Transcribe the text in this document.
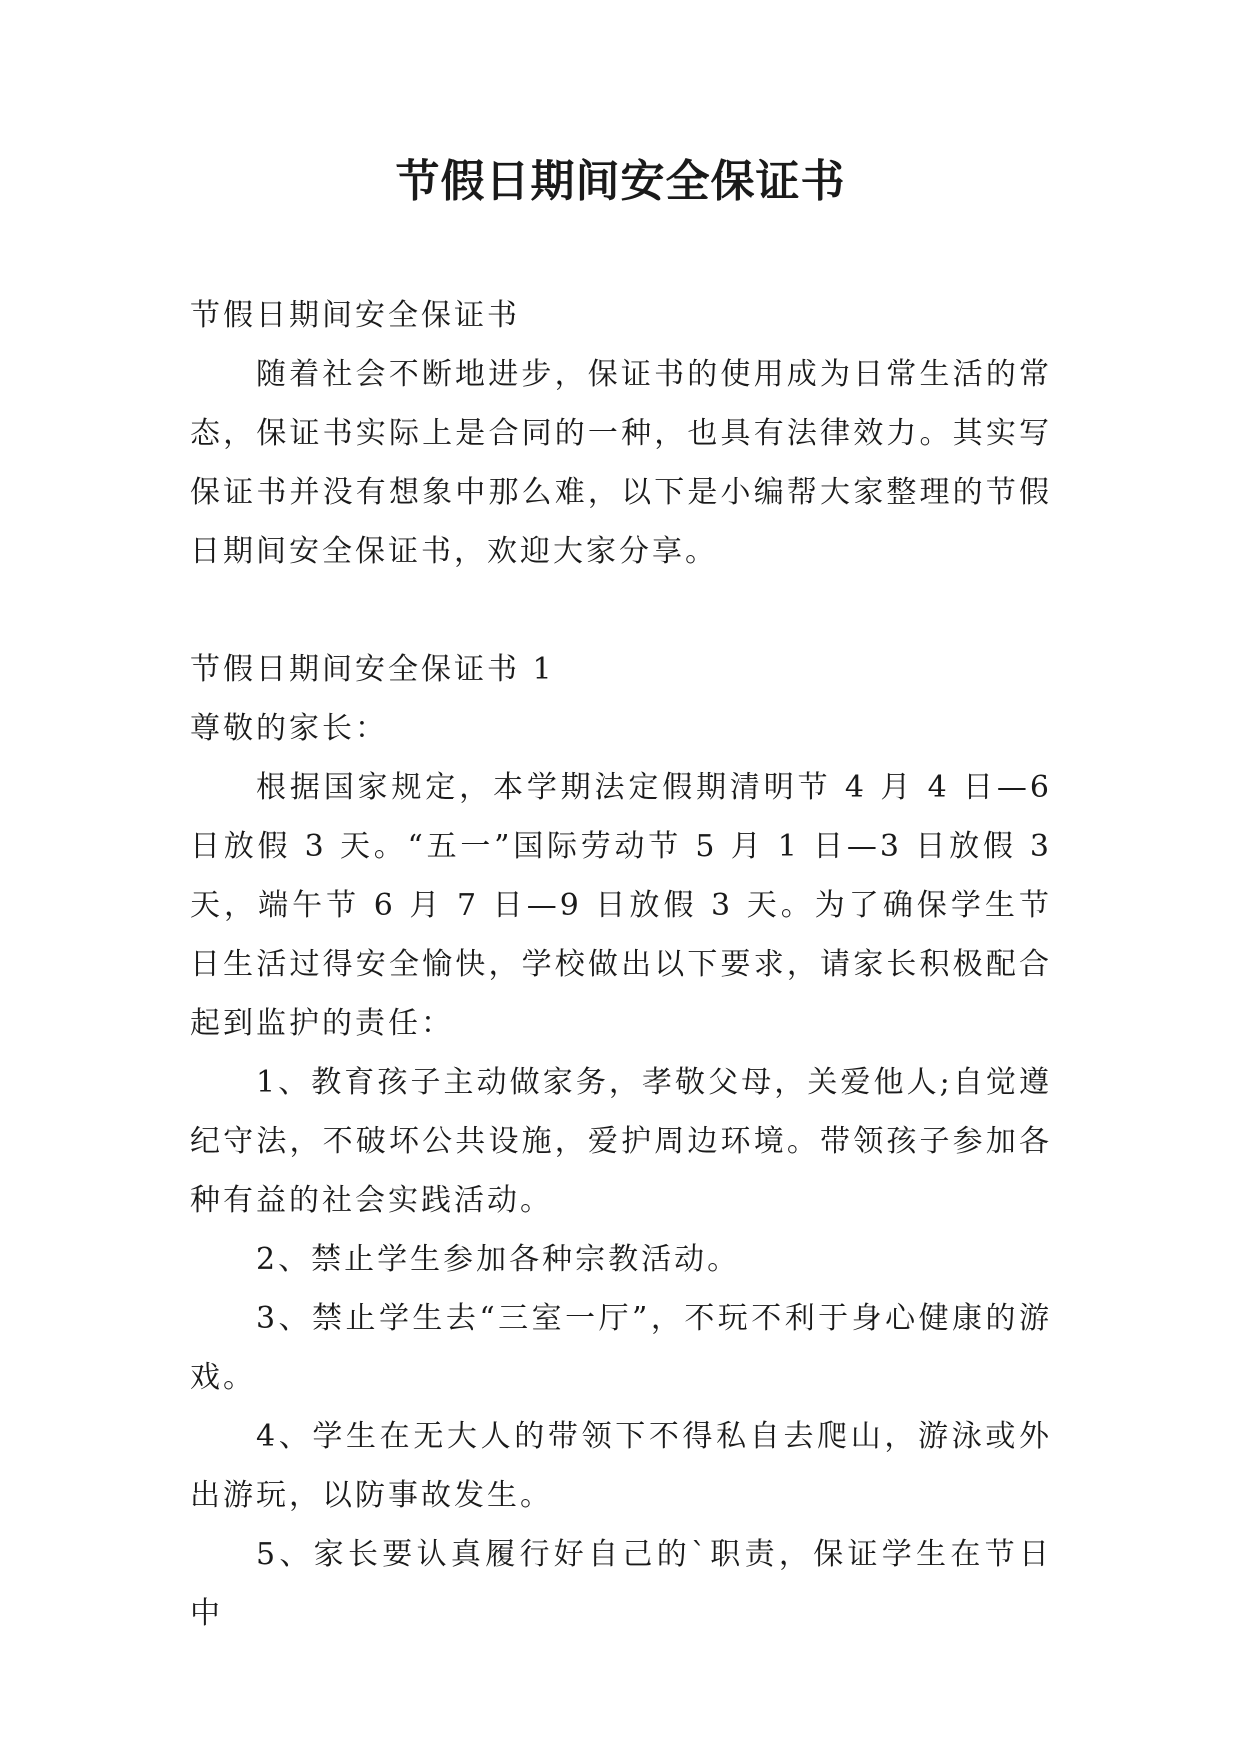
节假日期间安全保证书

节假日期间安全保证书

随着社会不断地进步，保证书的使用成为日常生活的常态，保证书实际上是合同的一种，也具有法律效力。其实写保证书并没有想象中那么难，以下是小编帮大家整理的节假日期间安全保证书，欢迎大家分享。

节假日期间安全保证书 1

尊敬的家长：

根据国家规定，本学期法定假期清明节 4 月 4 日—6 日放假 3 天。“五一”国际劳动节 5 月 1 日—3 日放假 3 天，端午节 6 月 7 日—9 日放假 3 天。为了确保学生节日生活过得安全愉快，学校做出以下要求，请家长积极配合起到监护的责任：

1、教育孩子主动做家务，孝敬父母，关爱他人;自觉遵纪守法，不破坏公共设施，爱护周边环境。带领孩子参加各种有益的社会实践活动。

2、禁止学生参加各种宗教活动。

3、禁止学生去“三室一厅”，不玩不利于身心健康的游戏。

4、学生在无大人的带领下不得私自去爬山，游泳或外出游玩，以防事故发生。

5、家长要认真履行好自己的`职责，保证学生在节日中
